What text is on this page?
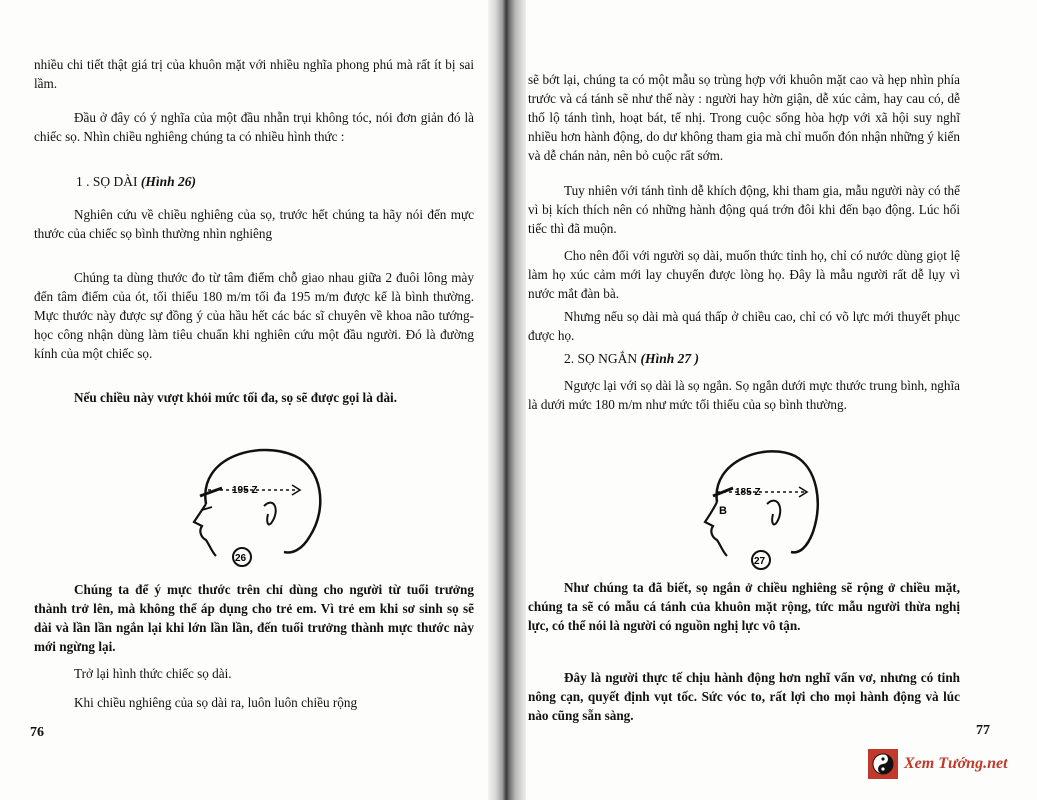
nhiều chi tiết thật giá trị của khuôn mặt với nhiều nghĩa phong phú mà rất ít bị sai lầm.

Đầu ở đây có ý nghĩa của một đầu nhẵn trụi không tóc, nói đơn giản đó là chiếc sọ. Nhìn chiều nghiêng chúng ta có nhiều hình thức :

1 . SỌ DÀI (Hình 26)

Nghiên cứu về chiều nghiêng của sọ, trước hết chúng ta hãy nói đến mực thước của chiếc sọ bình thường nhìn nghiêng

Chúng ta dùng thước đo từ tâm điểm chỗ giao nhau giữa 2 đuôi lông mày đến tâm điểm của ót, tối thiểu 180 m/m tối đa 195 m/m được kể là bình thường. Mực thước này được sự đồng ý của hầu hết các bác sĩ chuyên về khoa não tướng-học công nhận dùng làm tiêu chuẩn khi nghiên cứu một đầu người. Đó là đường kính của một chiếc sọ.

Nếu chiều này vượt khỏi mức tối đa, sọ sẽ được gọi là dài.

195 Z
26

Chúng ta để ý mực thước trên chỉ dùng cho người từ tuổi trưởng thành trở lên, mà không thể áp dụng cho trẻ em. Vì trẻ em khi sơ sinh sọ sẽ dài và lần lần ngắn lại khi lớn lần lần, đến tuổi trưởng thành mực thước này mới ngừng lại.

Trở lại hình thức chiếc sọ dài.

Khi chiều nghiêng của sọ dài ra, luôn luôn chiều rộng

76

sẽ bớt lại, chúng ta có một mẫu sọ trùng hợp với khuôn mặt cao và hẹp nhìn phía trước và cá tánh sẽ như thế này : người hay hờn giận, dễ xúc cảm, hay cau có, dễ thố lộ tánh tình, hoạt bát, tế nhị. Trong cuộc sống hòa hợp với xã hội suy nghĩ nhiều hơn hành động, do dư không tham gia mà chỉ muốn đón nhận những ý kiến và dễ chán nản, nên bỏ cuộc rất sớm.

Tuy nhiên với tánh tình dễ khích động, khi tham gia, mẫu người này có thể vì bị kích thích nên có những hành động quá trớn đôi khi đến bạo động. Lúc hối tiếc thì đã muộn.

Cho nên đối với người sọ dài, muốn thức tỉnh họ, chỉ có nước dùng giọt lệ làm họ xúc cảm mới lay chuyển được lòng họ. Đây là mẫu người rất dễ lụy vì nước mắt đàn bà.

Nhưng nếu sọ dài mà quá thấp ở chiều cao, chỉ có võ lực mới thuyết phục được họ.

2. SỌ NGẮN (Hình 27 )

Ngược lại với sọ dài là sọ ngắn. Sọ ngắn dưới mực thước trung bình, nghĩa là dưới mức 180 m/m như mức tối thiểu của sọ bình thường.

185 Z
B
27

Như chúng ta đã biết, sọ ngắn ở chiều nghiêng sẽ rộng ở chiều mặt, chúng ta sẽ có mẫu cá tánh của khuôn mặt rộng, tức mẫu người thừa nghị lực, có thể nói là người có nguồn nghị lực vô tận.

Đây là người thực tế chịu hành động hơn nghĩ vẩn vơ, nhưng có tinh nông cạn, quyết định vụt tốc. Sức vóc to, rất lợi cho mọi hành động và lúc nào cũng sẵn sàng.

77
Xem Tướng.net
